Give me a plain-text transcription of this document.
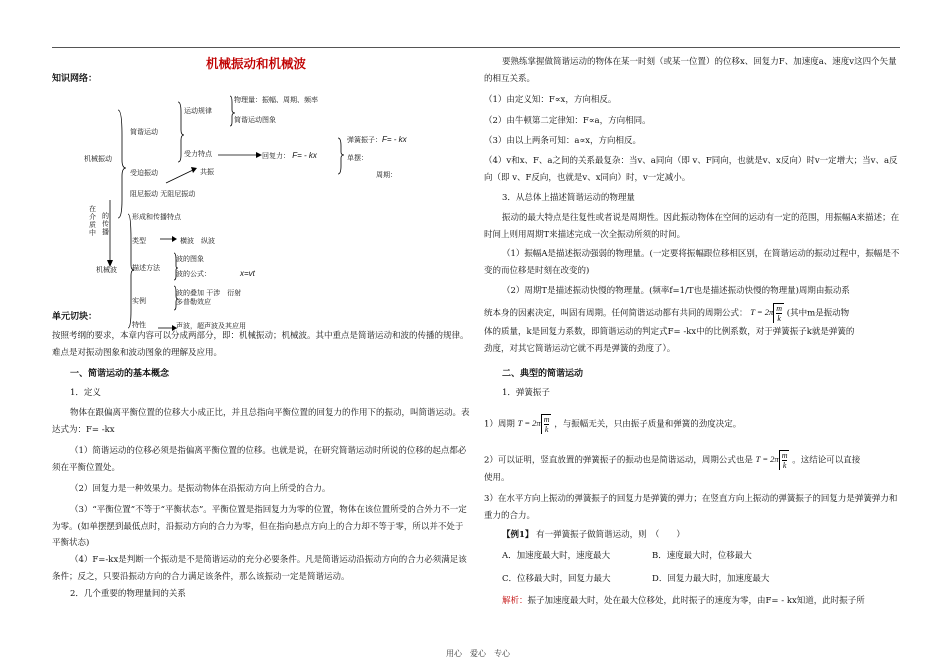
机械振动和机械波
知识网络：
机械振动
简谐运动
运动规律
物理量：振幅、周期、频率
简谐运动图象
受力特点	回复力： F= - kx
弹簧振子：F= - kx
单摆：
周期：
受迫振动	共振
阻尼振动 无阻尼振动
在介质中
的传播
机械波
形成和传播特点
类型	横波　纵波
描述方法
波的图象
波的公式：	x=vt
实例
波的叠加 干涉　衍射
多普勒效应
特性	声波，超声波及其应用
单元切块：
按照考纲的要求，本章内容可以分成两部分，即：机械振动；机械波。其中重点是简谐运动和波的传播的规律。难点是对振动图象和波动图象的理解及应用。
一、简谐运动的基本概念
1．定义
物体在跟偏离平衡位置的位移大小成正比，并且总指向平衡位置的回复力的作用下的振动，叫简谐运动。表达式为：F= -kx
（1）简谐运动的位移必须是指偏离平衡位置的位移。也就是说，在研究简谐运动时所说的位移的起点都必须在平衡位置处。
（2）回复力是一种效果力。是振动物体在沿振动方向上所受的合力。
（3）“平衡位置”不等于“平衡状态”。平衡位置是指回复力为零的位置，物体在该位置所受的合外力不一定为零。(如单摆摆到最低点时，沿振动方向的合力为零，但在指向悬点方向上的合力却不等于零，所以并不处于平衡状态)
（4）F=-kx是判断一个振动是不是简谐运动的充分必要条件。凡是简谐运动沿振动方向的合力必须满足该条件；反之，只要沿振动方向的合力满足该条件，那么该振动一定是简谐运动。
2．几个重要的物理量间的关系
要熟练掌握做简谐运动的物体在某一时刻（或某一位置）的位移x、回复力F、加速度a、速度v这四个矢量的相互关系。
（1）由定义知：F∝x，方向相反。
（2）由牛顿第二定律知：F∝a，方向相同。
（3）由以上两条可知：a∝x，方向相反。
（4）v和x、F、a之间的关系最复杂：当v、a同向（即 v、F同向，也就是v、x反向）时v一定增大；当v、a反向（即 v、F反向，也就是v、x同向）时，v一定减小。
3．从总体上描述简谐运动的物理量
振动的最大特点是往复性或者说是周期性。因此振动物体在空间的运动有一定的范围，用振幅A来描述；在时间上则用周期T来描述完成一次全振动所须的时间。
（1）振幅A是描述振动强弱的物理量。(一定要将振幅跟位移相区别，在简谐运动的振动过程中，振幅是不变的而位移是时刻在改变的)
（2）周期T是描述振动快慢的物理量。(频率f=1/T也是描述振动快慢的物理量)周期由振动系
统本身的因素决定，叫固有周期。任何简谐运动都有共同的周期公式： $T = 2\pi \frac{m}{k}$ (其中m是振动物
体的质量，k是回复力系数，即简谐运动的判定式F= -kx中的比例系数，对于弹簧振子k就是弹簧的
劲度，对其它简谐运动它就不再是弹簧的劲度了）。
二、典型的简谐运动
1．弹簧振子
1）周期 $T = 2\pi \frac{m}{k}$ ，与振幅无关，只由振子质量和弹簧的劲度决定。
2）可以证明，竖直放置的弹簧振子的振动也是简谐运动，周期公式也是 $T = 2\pi \frac{m}{k}$ 。这结论可以直接
使用。
3）在水平方向上振动的弹簧振子的回复力是弹簧的弹力；在竖直方向上振动的弹簧振子的回复力是弹簧弹力和重力的合力。
【例1】 有一弹簧振子做简谐运动，则　（　　）
A．加速度最大时，速度最大	B．速度最大时，位移最大
C．位移最大时，回复力最大	D．回复力最大时，加速度最大
解析：振子加速度最大时，处在最大位移处，此时振子的速度为零，由F= - kx知道，此时振子所
用心　爱心　专心
